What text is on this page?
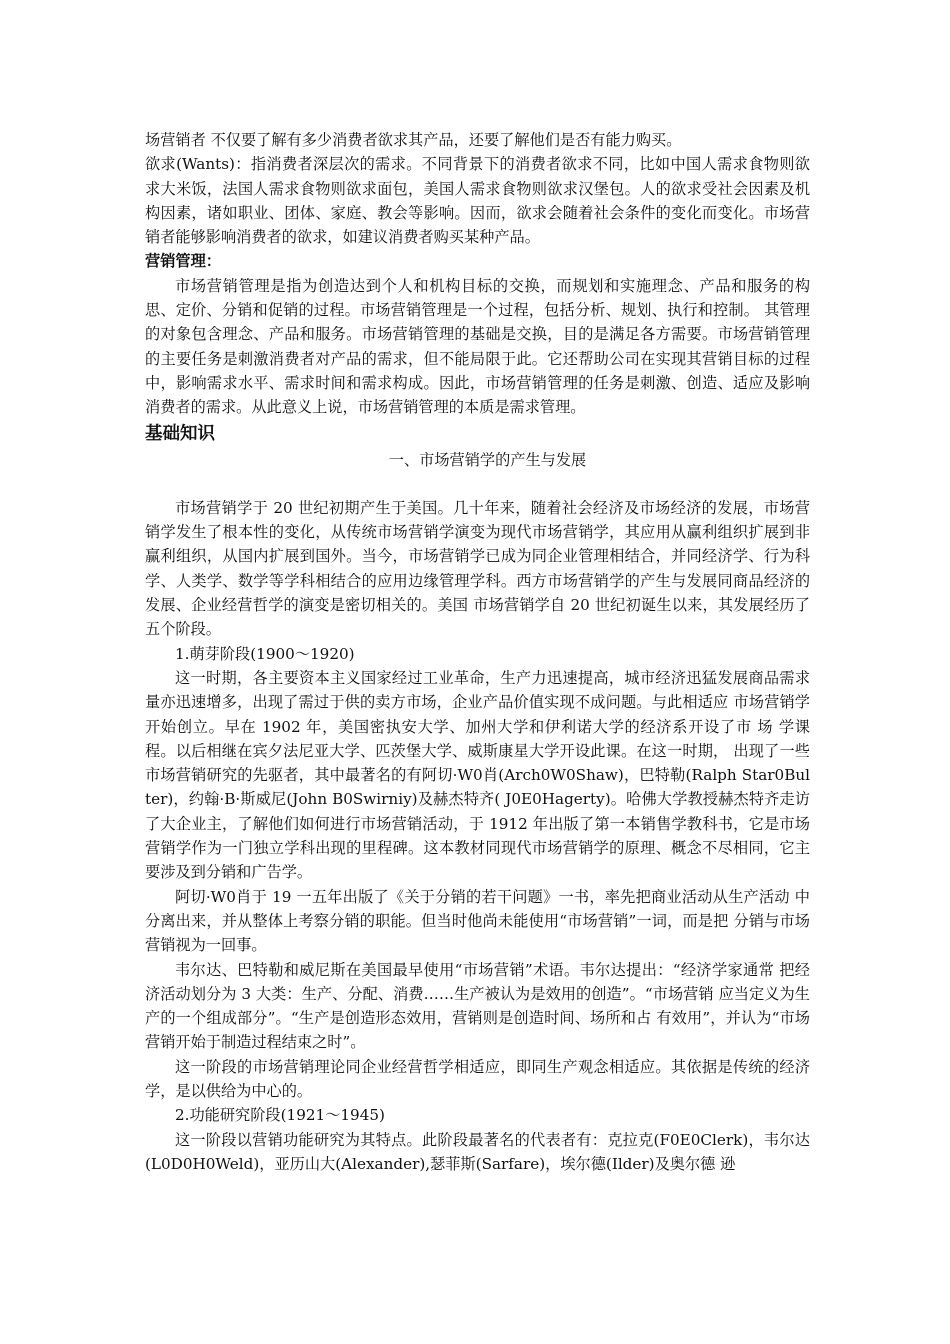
场营销者 不仅要了解有多少消费者欲求其产品，还要了解他们是否有能力购买。

欲求(Wants)：指消费者深层次的需求。不同背景下的消费者欲求不同，比如中国人需求食物则欲求大米饭，法国人需求食物则欲求面包，美国人需求食物则欲求汉堡包。人的欲求受社会因素及机构因素，诸如职业、团体、家庭、教会等影响。因而，欲求会随着社会条件的变化而变化。市场营销者能够影响消费者的欲求，如建议消费者购买某种产品。

营销管理：

市场营销管理是指为创造达到个人和机构目标的交换，而规划和实施理念、产品和服务的构思、定价、分销和促销的过程。市场营销管理是一个过程，包括分析、规划、执行和控制。 其管理的对象包含理念、产品和服务。市场营销管理的基础是交换，目的是满足各方需要。市场营销管理的主要任务是刺激消费者对产品的需求，但不能局限于此。它还帮助公司在实现其营销目标的过程中，影响需求水平、需求时间和需求构成。因此，市场营销管理的任务是刺激、创造、适应及影响消费者的需求。从此意义上说，市场营销管理的本质是需求管理。

基础知识

一、市场营销学的产生与发展

市场营销学于 20 世纪初期产生于美国。几十年来，随着社会经济及市场经济的发展，市场营销学发生了根本性的变化，从传统市场营销学演变为现代市场营销学，其应用从赢利组织扩展到非赢利组织，从国内扩展到国外。当今，市场营销学已成为同企业管理相结合，并同经济学、行为科学、人类学、数学等学科相结合的应用边缘管理学科。西方市场营销学的产生与发展同商品经济的发展、企业经营哲学的演变是密切相关的。美国 市场营销学自 20 世纪初诞生以来，其发展经历了五个阶段。

1.萌芽阶段(1900～1920)

这一时期，各主要资本主义国家经过工业革命，生产力迅速提高，城市经济迅猛发展商品需求量亦迅速增多，出现了需过于供的卖方市场，企业产品价值实现不成问题。与此相适应 市场营销学开始创立。早在 1902 年，美国密执安大学、加州大学和伊利诺大学的经济系开设了市 场 学课程。以后相继在宾夕法尼亚大学、匹茨堡大学、威斯康星大学开设此课。在这一时期， 出现了一些市场营销研究的先驱者，其中最著名的有阿切·W0肖(Arch0W0Shaw)，巴特勒(Ralph Star0Bulter)，约翰·B·斯威尼(John B0Swirniy)及赫杰特齐( J0E0Hagerty)。哈佛大学教授赫杰特齐走访了大企业主，了解他们如何进行市场营销活动，于 1912 年出版了第一本销售学教科书，它是市场营销学作为一门独立学科出现的里程碑。这本教材同现代市场营销学的原理、概念不尽相同，它主要涉及到分销和广告学。

阿切·W0肖于 19 一五年出版了《关于分销的若干问题》一书，率先把商业活动从生产活动 中分离出来，并从整体上考察分销的职能。但当时他尚未能使用“市场营销”一词，而是把 分销与市场营销视为一回事。

韦尔达、巴特勒和威尼斯在美国最早使用“市场营销”术语。韦尔达提出：“经济学家通常 把经济活动划分为 3 大类：生产、分配、消费……生产被认为是效用的创造”。“市场营销 应当定义为生产的一个组成部分”。“生产是创造形态效用，营销则是创造时间、场所和占 有效用”，并认为“市场营销开始于制造过程结束之时”。

这一阶段的市场营销理论同企业经营哲学相适应，即同生产观念相适应。其依据是传统的经济学，是以供给为中心的。

2.功能研究阶段(1921～1945)

这一阶段以营销功能研究为其特点。此阶段最著名的代表者有：克拉克(F0E0Clerk)，韦尔达(L0D0H0Weld)，亚历山大(Alexander),瑟菲斯(Sarfare)，埃尔德(Ilder)及奥尔德 逊
